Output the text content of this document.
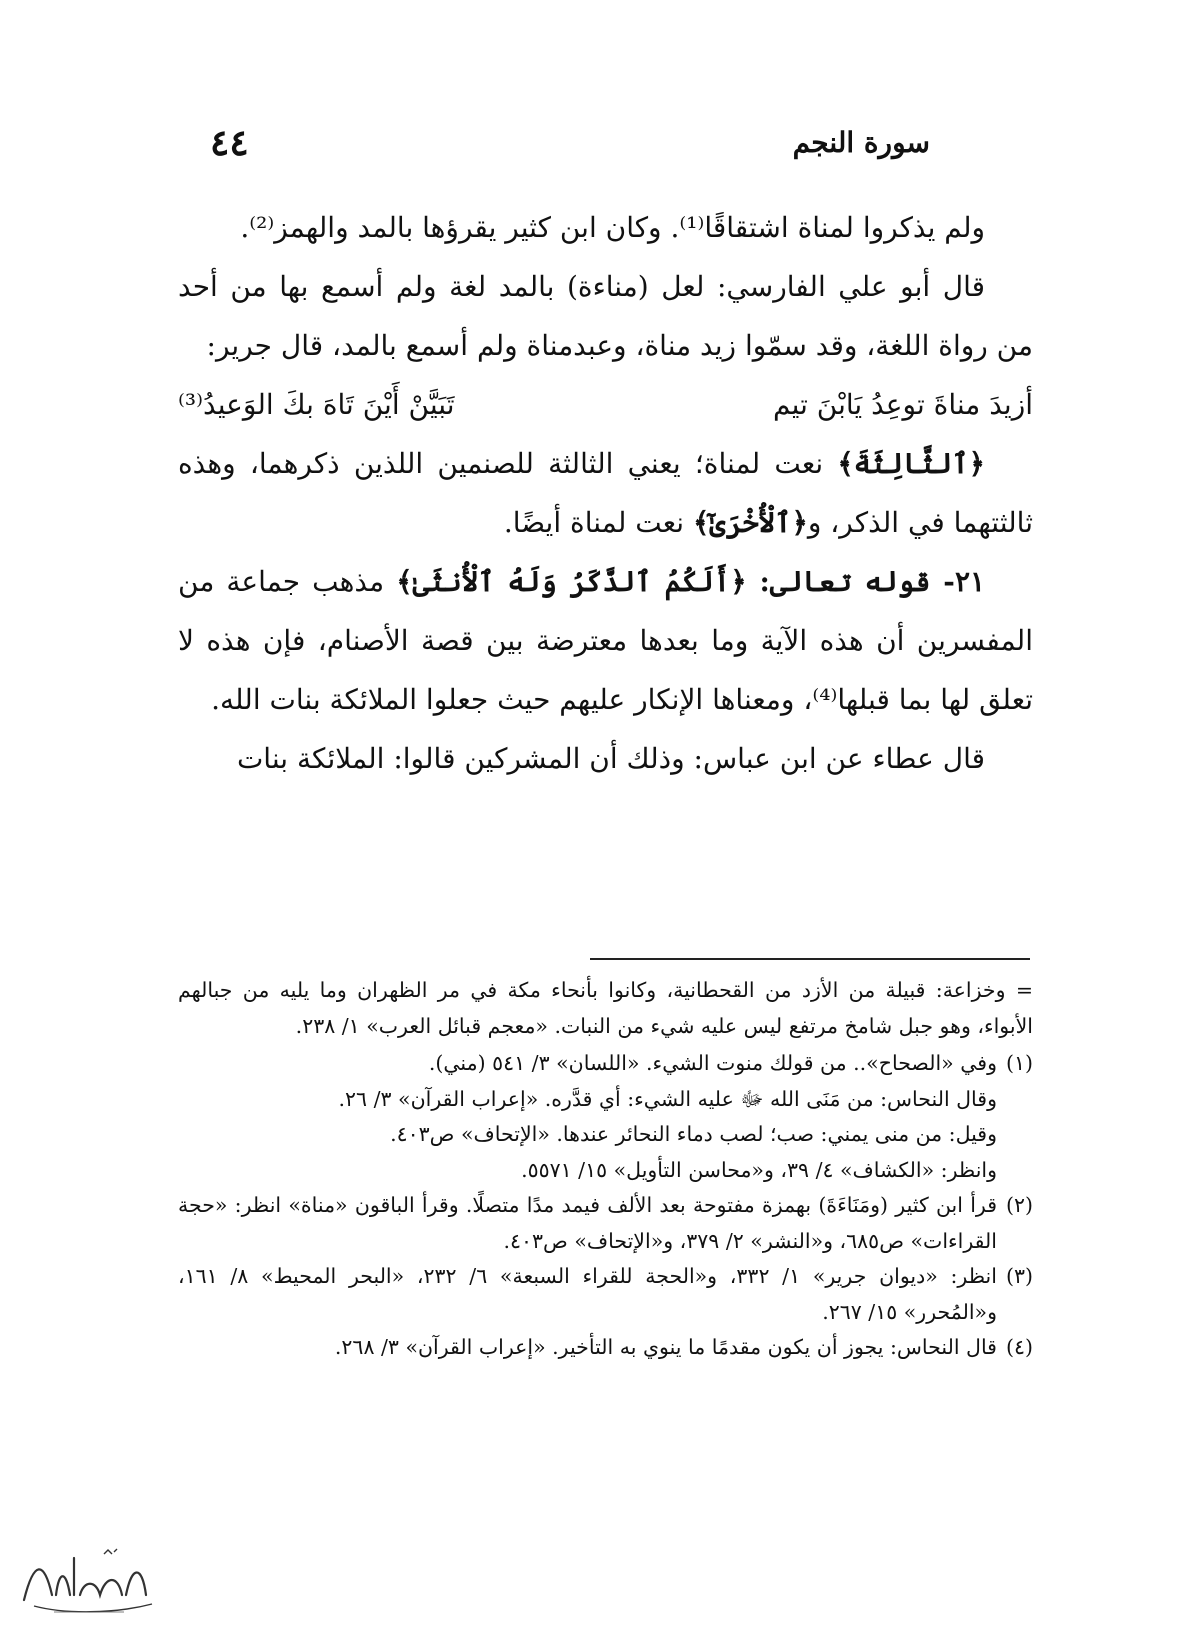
٤٤	سورة النجم

ولم يذكروا لمناة اشتقاقًا⁽¹⁾. وكان ابن كثير يقرؤها بالمد والهمز⁽²⁾.

قال أبو علي الفارسي: لعل (مناءة) بالمد لغة ولم أسمع بها من أحد من رواة اللغة، وقد سمّوا زيد مناة، وعبدمناة ولم أسمع بالمد، قال جرير:

أزيدَ مناةَ توعِدُ يَابْنَ تيم
تَبَيَّنْ أَيْنَ تَاهَ بكَ الوَعيدُ⁽³⁾

﴿ٱلثَّالِثَةَ﴾ نعت لمناة؛ يعني الثالثة للصنمين اللذين ذكرهما، وهذه ثالثتهما في الذكر، و﴿ٱلْأُخْرَىٰٓ﴾ نعت لمناة أيضًا.

٢١- قوله تعالى: ﴿أَلَكُمُ ٱلذَّكَرُ وَلَهُ ٱلْأُنثَىٰ﴾ مذهب جماعة من المفسرين أن هذه الآية وما بعدها معترضة بين قصة الأصنام، فإن هذه لا تعلق لها بما قبلها⁽⁴⁾، ومعناها الإنكار عليهم حيث جعلوا الملائكة بنات الله.

قال عطاء عن ابن عباس: وذلك أن المشركين قالوا: الملائكة بنات

= وخزاعة: قبيلة من الأزد من القحطانية، وكانوا بأنحاء مكة في مر الظهران وما يليه من جبالهم الأبواء، وهو جبل شامخ مرتفع ليس عليه شيء من النبات. «معجم قبائل العرب» ١/ ٢٣٨.

(١)

وفي «الصحاح».. من قولك منوت الشيء. «اللسان» ٣/ ٥٤١ (مني).

وقال النحاس: من مَنَى الله ﷻ عليه الشيء: أي قدَّره. «إعراب القرآن» ٣/ ٢٦.

وقيل: من منى يمني: صب؛ لصب دماء النحائر عندها. «الإتحاف» ص٤٠٣.

وانظر: «الكشاف» ٤/ ٣٩، و«محاسن التأويل» ١٥/ ٥٥٧١.

(٢)

قرأ ابن كثير (ومَنَاءَةَ) بهمزة مفتوحة بعد الألف فيمد مدًا متصلًا. وقرأ الباقون «مناة» انظر: «حجة القراءات» ص٦٨٥، و«النشر» ٢/ ٣٧٩، و«الإتحاف» ص٤٠٣.

(٣)

انظر: «ديوان جرير» ١/ ٣٣٢، و«الحجة للقراء السبعة» ٦/ ٢٣٢، «البحر المحيط» ٨/ ١٦١، و«المُحرر» ١٥/ ٢٦٧.

(٤)

قال النحاس: يجوز أن يكون مقدمًا ما ينوي به التأخير. «إعراب القرآن» ٣/ ٢٦٨.
